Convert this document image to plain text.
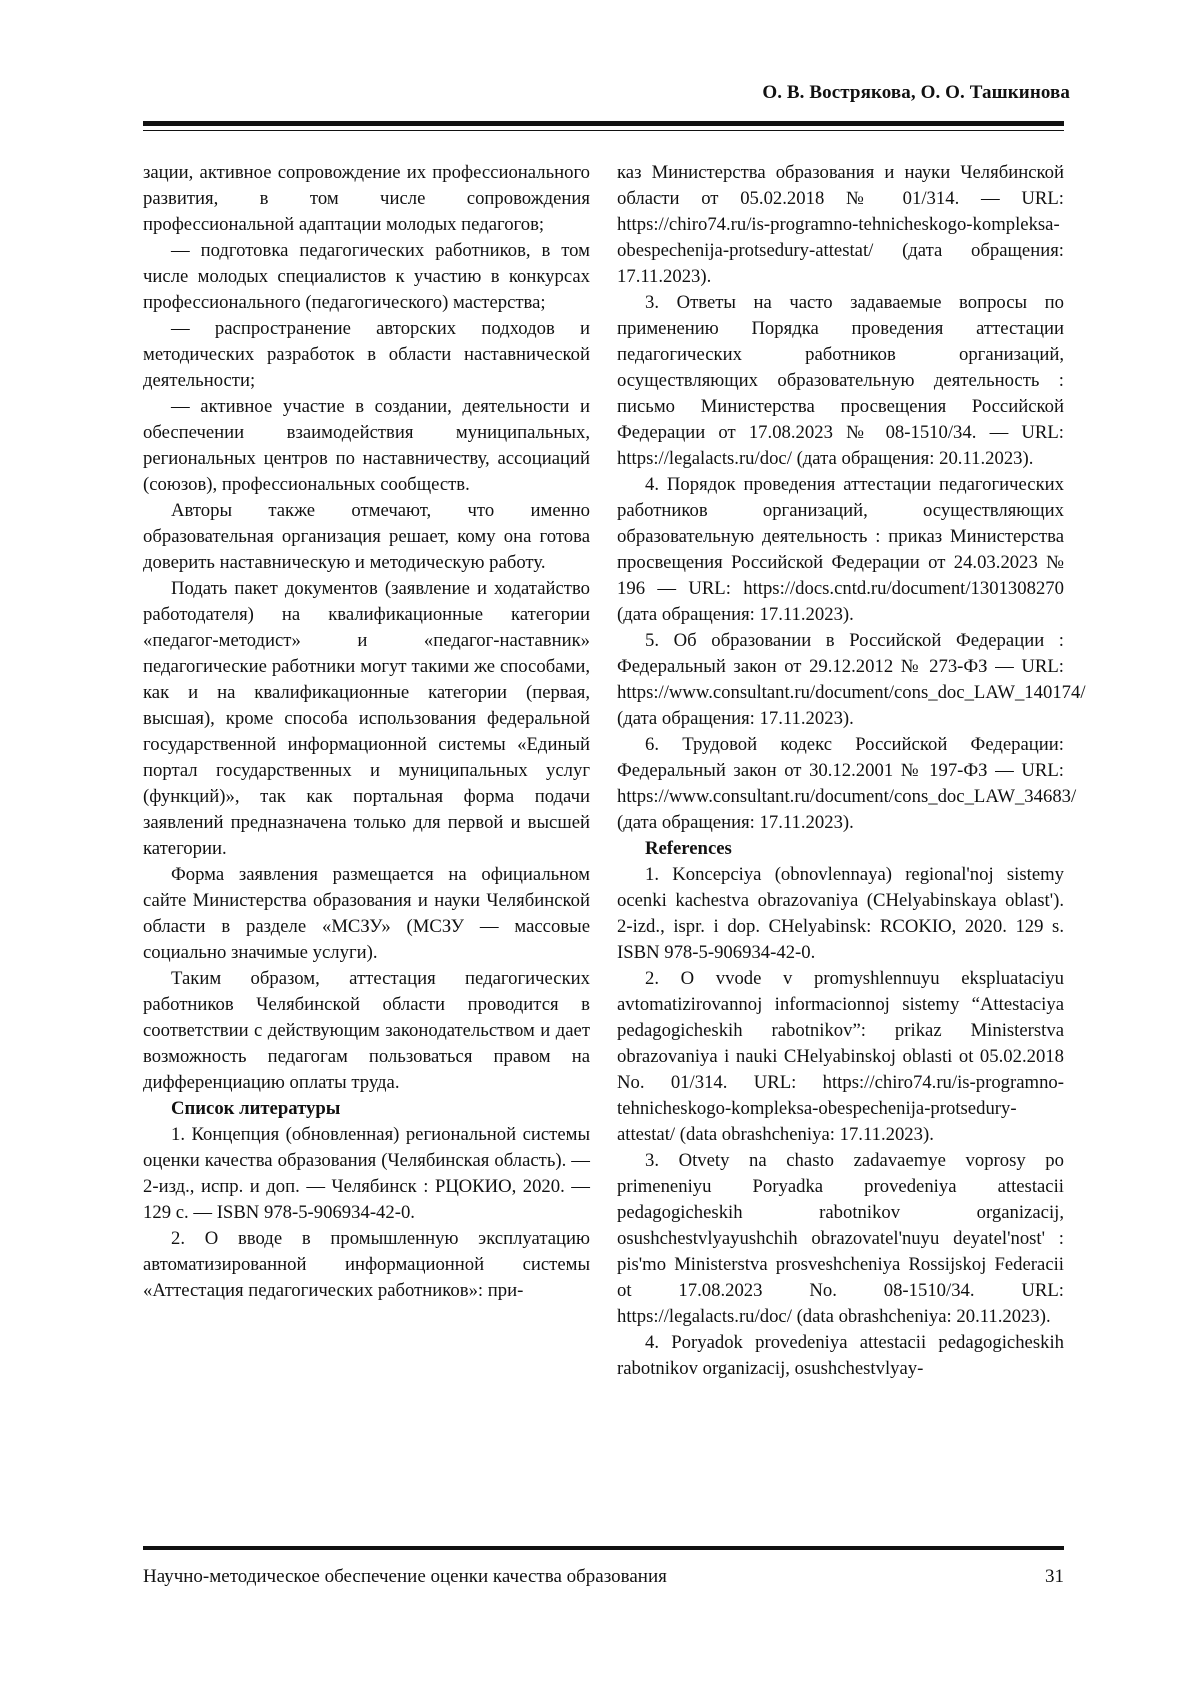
О. В. Вострякова, О. О. Ташкинова

зации, активное сопровождение их профессионального развития, в том числе сопровождения профессиональной адаптации молодых педагогов;

— подготовка педагогических работников, в том числе молодых специалистов к участию в конкурсах профессионального (педагогического) мастерства;

— распространение авторских подходов и методических разработок в области наставнической деятельности;

— активное участие в создании, деятельности и обеспечении взаимодействия муниципальных, региональных центров по наставничеству, ассоциаций (союзов), профессиональных сообществ.

Авторы также отмечают, что именно образовательная организация решает, кому она готова доверить наставническую и методическую работу.

Подать пакет документов (заявление и ходатайство работодателя) на квалификационные категории «педагог-методист» и «педагог-наставник» педагогические работники могут такими же способами, как и на квалификационные категории (первая, высшая), кроме способа использования федеральной государственной информационной системы «Единый портал государственных и муниципальных услуг (функций)», так как портальная форма подачи заявлений предназначена только для первой и высшей категории.

Форма заявления размещается на официальном сайте Министерства образования и науки Челябинской области в разделе «МСЗУ» (МСЗУ — массовые социально значимые услуги).

Таким образом, аттестация педагогических работников Челябинской области проводится в соответствии с действующим законодательством и дает возможность педагогам пользоваться правом на дифференциацию оплаты труда.

Список литературы

1. Концепция (обновленная) региональной системы оценки качества образования (Челябинская область). — 2-изд., испр. и доп. — Челябинск : РЦОКИО, 2020. — 129 с. — ISBN 978-5-906934-42-0.

2. О вводе в промышленную эксплуатацию автоматизированной информационной системы «Аттестация педагогических работников»: при-

каз Министерства образования и науки Челябинской области от 05.02.2018 № 01/314. — URL: https://chiro74.ru/is-programno-tehnicheskogo-kompleksa-obespechenija-protsedury-attestat/ (дата обращения: 17.11.2023).

3. Ответы на часто задаваемые вопросы по применению Порядка проведения аттестации педагогических работников организаций, осуществляющих образовательную деятельность : письмо Министерства просвещения Российской Федерации от 17.08.2023 № 08-1510/34. — URL: https://legalacts.ru/doc/ (дата обращения: 20.11.2023).

4. Порядок проведения аттестации педагогических работников организаций, осуществляющих образовательную деятельность : приказ Министерства просвещения Российской Федерации от 24.03.2023 № 196 — URL: https://docs.cntd.ru/document/1301308270 (дата обращения: 17.11.2023).

5. Об образовании в Российской Федерации : Федеральный закон от 29.12.2012 № 273-ФЗ — URL: https://www.consultant.ru/document/cons_doc_LAW_140174/ (дата обращения: 17.11.2023).

6. Трудовой кодекс Российской Федерации: Федеральный закон от 30.12.2001 № 197-ФЗ — URL: https://www.consultant.ru/document/cons_doc_LAW_34683/ (дата обращения: 17.11.2023).

References

1. Koncepciya (obnovlennaya) regional'noj sistemy ocenki kachestva obrazovaniya (CHelyabinskaya oblast'). 2-izd., ispr. i dop. CHelyabinsk: RCOKIO, 2020. 129 s. ISBN 978-5-906934-42-0.

2. O vvode v promyshlennuyu ekspluataciyu avtomatizirovannoj informacionnoj sistemy “Attestaciya pedagogicheskih rabotnikov”: prikaz Ministerstva obrazovaniya i nauki CHelyabinskoj oblasti ot 05.02.2018 No. 01/314. URL: https://chiro74.ru/is-programno-tehnicheskogo-kompleksa-obespechenija-protsedury-attestat/ (data obrashcheniya: 17.11.2023).

3. Otvety na chasto zadavaemye voprosy po primeneniyu Poryadka provedeniya attestacii pedagogicheskih rabotnikov organizacij, osushchestvlyayushchih obrazovatel'nuyu deyatel'nost' : pis'mo Ministerstva prosveshcheniya Rossijskoj Federacii ot 17.08.2023 No. 08-1510/34. URL: https://legalacts.ru/doc/ (data obrashcheniya: 20.11.2023).

4. Poryadok provedeniya attestacii pedagogicheskih rabotnikov organizacij, osushchestvlyay-

Научно-методическое обеспечение оценки качества образования	31
